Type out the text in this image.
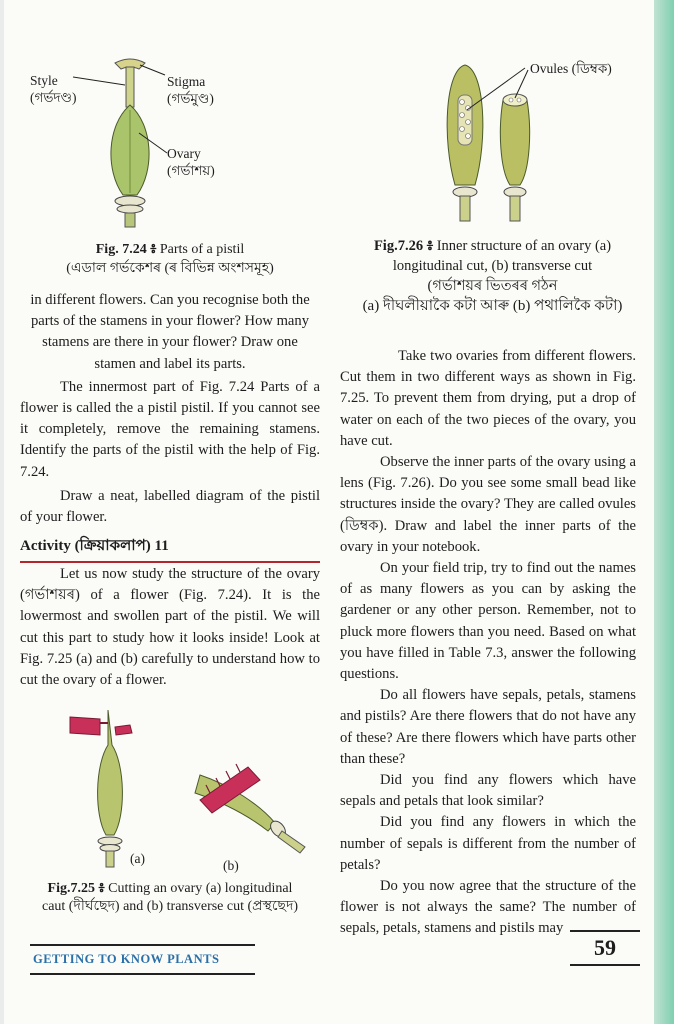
Style
(গৰ্ভদণ্ড)
Stigma
(গৰ্ভমুণ্ড)
Ovary
(গৰ্ভাশয়)
Fig. 7.24 ៖ Parts of a pistil
(এডাল গৰ্ভকেশৰ (ৰ বিভিন্ন অংশসমূহ)
Ovules (ডিম্বক)
Fig.7.26 ៖ Inner structure of an ovary (a)
longitudinal cut, (b) transverse cut
(গৰ্ভাশয়ৰ ভিতৰৰ গঠন
(a) দীঘলীয়াকৈ কটা আৰু (b) পথালিকৈ কটা)

in different flowers. Can you recognise both the parts of the stamens in your flower? How many stamens are there in your flower? Draw one stamen and label its parts.

The innermost part of Fig. 7.24 Parts of a flower is called the a pistil pistil. If you cannot see it completely, remove the remaining stamens. Identify the parts of the pistil with the help of Fig. 7.24.

Draw a neat, labelled diagram of the pistil of your flower.

Activity (ক্রিয়াকলাপ) 11

Let us now study the structure of the ovary (গৰ্ভাশয়ৰ) of a flower (Fig. 7.24). It is the lowermost and swollen part of the pistil. We will cut this part to study how it looks inside! Look at Fig. 7.25 (a) and (b) carefully to understand how to cut the ovary of a flower.

(a)	(b)
Fig.7.25 ៖ Cutting an ovary (a) longitudinal
caut (দীৰ্ঘছেদ) and (b) transverse cut (প্ৰস্থছেদ)

Take two ovaries from different flowers. Cut them in two different ways as shown in Fig. 7.25. To prevent them from drying, put a drop of water on each of the two pieces of the ovary, you have cut.

Observe the inner parts of the ovary using a lens (Fig. 7.26). Do you see some small bead like structures inside the ovary? They are called ovules (ডিম্বক). Draw and label the inner parts of the ovary in your notebook.

On your field trip, try to find out the names of as many flowers as you can by asking the gardener or any other person. Remember, not to pluck more flowers than you need. Based on what you have filled in Table 7.3, answer the following questions.

Do all flowers have sepals, petals, stamens and pistils? Are there flowers that do not have any of these? Are there flowers which have parts other than these?

Did you find any flowers which have sepals and petals that look similar?

Did you find any flowers in which the number of sepals is different from the number of petals?

Do you now agree that the structure of the flower is not always the same? The number of sepals, petals, stamens and pistils may

GETTING TO KNOW PLANTS	59
